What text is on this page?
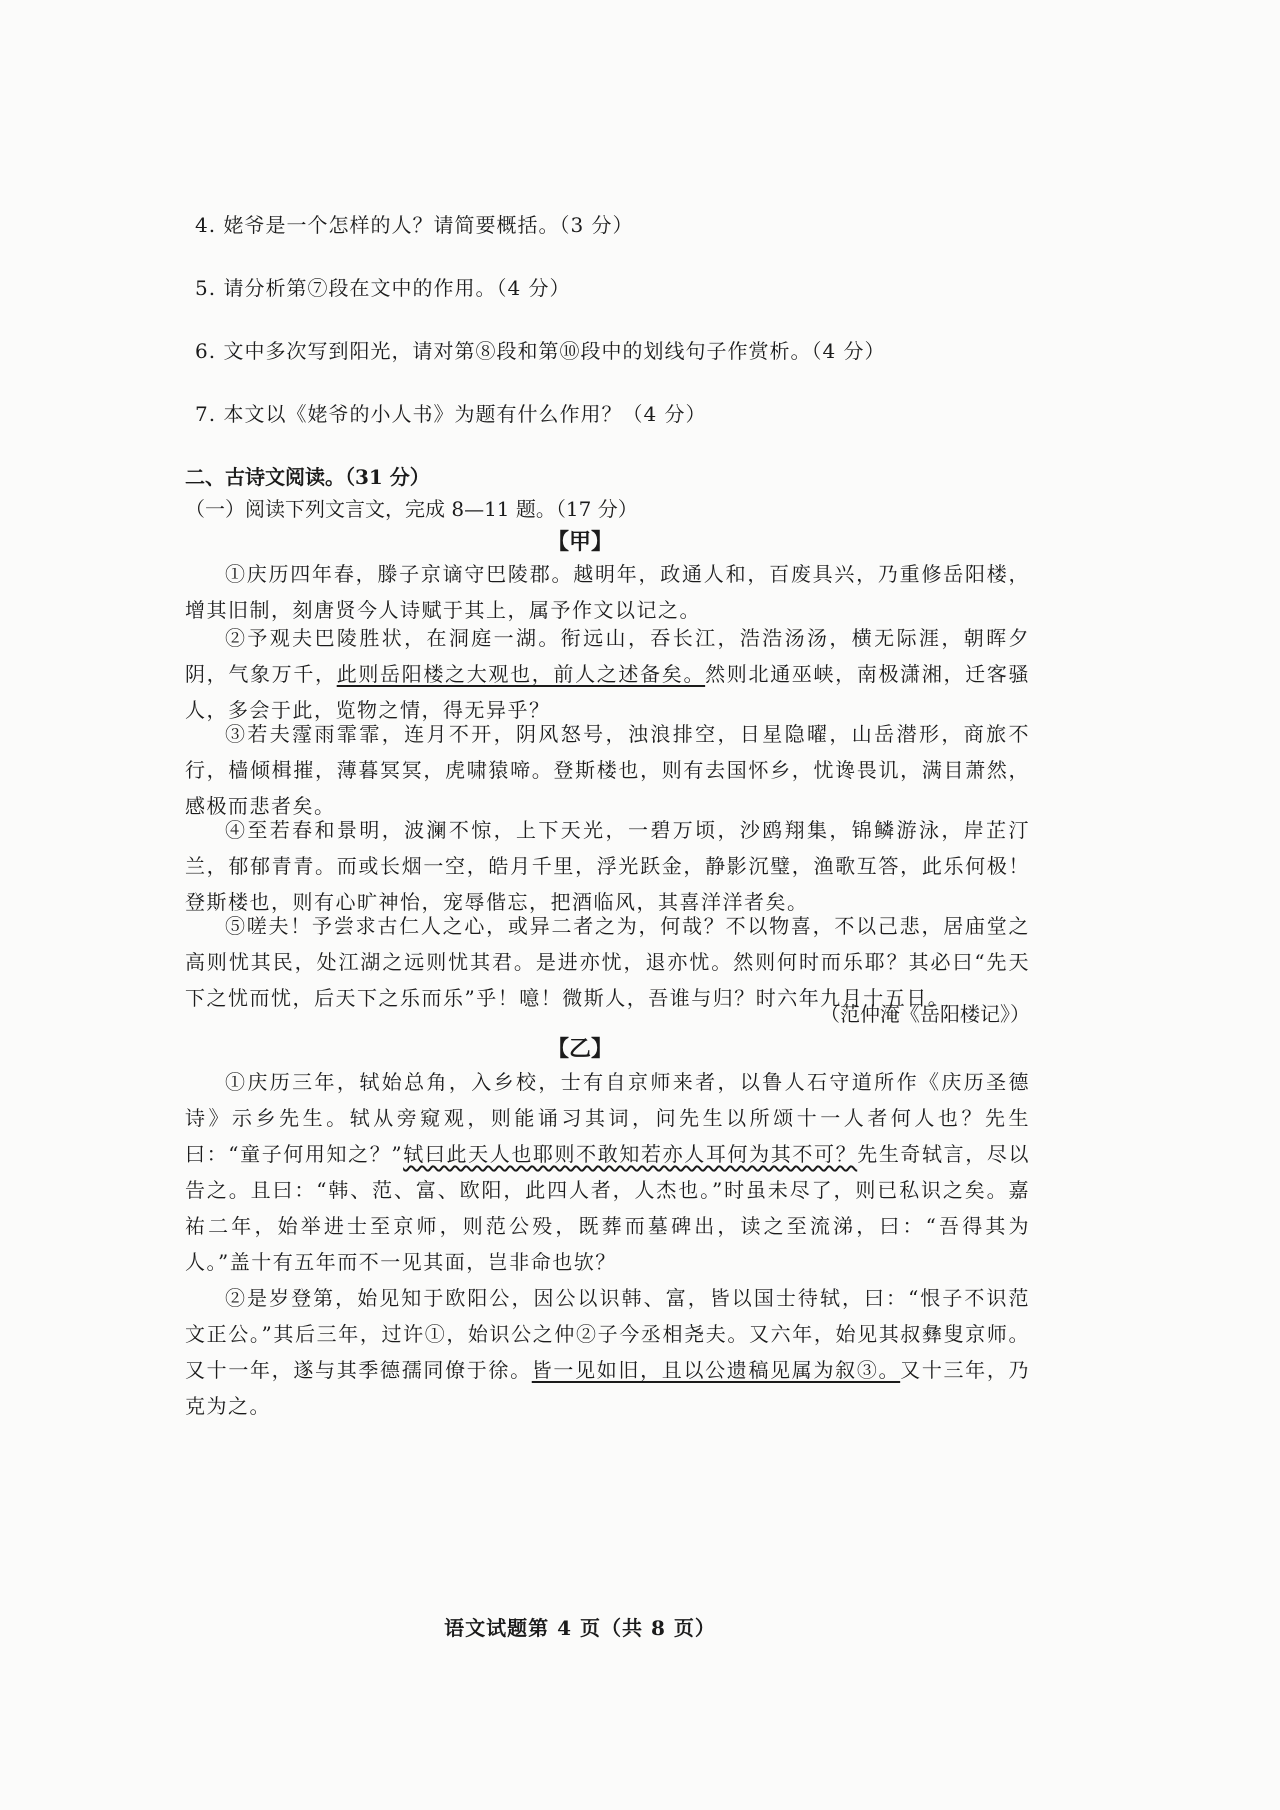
4. 姥爷是一个怎样的人？请简要概括。（3 分）
5. 请分析第⑦段在文中的作用。（4 分）
6. 文中多次写到阳光，请对第⑧段和第⑩段中的划线句子作赏析。（4 分）
7. 本文以《姥爷的小人书》为题有什么作用？（4 分）
二、古诗文阅读。（31 分）
（一）阅读下列文言文，完成 8—11 题。（17 分）
【甲】
①庆历四年春，滕子京谪守巴陵郡。越明年，政通人和，百废具兴，乃重修岳阳楼，增其旧制，刻唐贤今人诗赋于其上，属予作文以记之。
②予观夫巴陵胜状，在洞庭一湖。衔远山，吞长江，浩浩汤汤，横无际涯，朝晖夕阴，气象万千，此则岳阳楼之大观也，前人之述备矣。然则北通巫峡，南极潇湘，迁客骚人，多会于此，览物之情，得无异乎？
③若夫霪雨霏霏，连月不开，阴风怒号，浊浪排空，日星隐曜，山岳潜形，商旅不行，樯倾楫摧，薄暮冥冥，虎啸猿啼。登斯楼也，则有去国怀乡，忧谗畏讥，满目萧然，感极而悲者矣。
④至若春和景明，波澜不惊，上下天光，一碧万顷，沙鸥翔集，锦鳞游泳，岸芷汀兰，郁郁青青。而或长烟一空，皓月千里，浮光跃金，静影沉璧，渔歌互答，此乐何极！登斯楼也，则有心旷神怡，宠辱偕忘，把酒临风，其喜洋洋者矣。
⑤嗟夫！予尝求古仁人之心，或异二者之为，何哉？不以物喜，不以己悲，居庙堂之高则忧其民，处江湖之远则忧其君。是进亦忧，退亦忧。然则何时而乐耶？其必曰“先天下之忧而忧，后天下之乐而乐”乎！噫！微斯人，吾谁与归？时六年九月十五日。
（范仲淹《岳阳楼记》）
【乙】
①庆历三年，轼始总角，入乡校，士有自京师来者，以鲁人石守道所作《庆历圣德诗》示乡先生。轼从旁窥观，则能诵习其词，问先生以所颂十一人者何人也？先生曰：“童子何用知之？”轼曰此天人也耶则不敢知若亦人耳何为其不可？先生奇轼言，尽以告之。且曰：“韩、范、富、欧阳，此四人者，人杰也。”时虽未尽了，则已私识之矣。嘉祐二年，始举进士至京师，则范公殁，既葬而墓碑出，读之至流涕，曰：“吾得其为人。”盖十有五年而不一见其面，岂非命也欤？
②是岁登第，始见知于欧阳公，因公以识韩、富，皆以国士待轼，曰：“恨子不识范文正公。”其后三年，过许①，始识公之仲②子今丞相尧夫。又六年，始见其叔彝叟京师。又十一年，遂与其季德孺同僚于徐。皆一见如旧，且以公遗稿见属为叙③。又十三年，乃克为之。
语文试题第 4 页（共 8 页）
